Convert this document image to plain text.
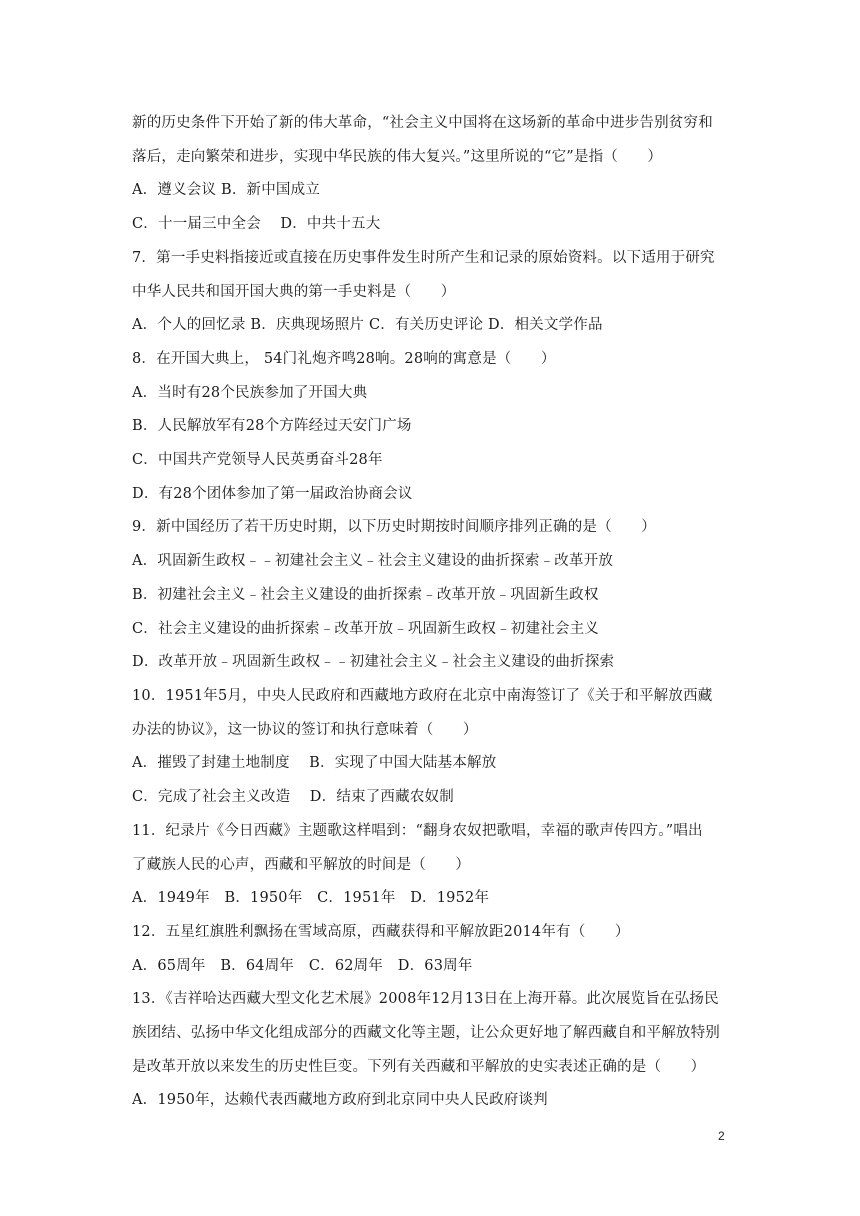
新的历史条件下开始了新的伟大革命，“社会主义中国将在这场新的革命中进步告别贫穷和
落后，走向繁荣和进步，实现中华民族的伟大复兴。”这里所说的“它”是指（　　）
A．遵义会议 B．新中国成立
C．十一届三中全会　 D．中共十五大
7．第一手史料指接近或直接在历史事件发生时所产生和记录的原始资料。以下适用于研究
中华人民共和国开国大典的第一手史料是（　　）
A．个人的回忆录 B．庆典现场照片 C．有关历史评论 D．相关文学作品
8．在开国大典上， 54门礼炮齐鸣28响。28响的寓意是（　　）
A．当时有28个民族参加了开国大典
B．人民解放军有28个方阵经过天安门广场
C．中国共产党领导人民英勇奋斗28年
D．有28个团体参加了第一届政治协商会议
9．新中国经历了若干历史时期，以下历史时期按时间顺序排列正确的是（　　）
A．巩固新生政权﹣﹣初建社会主义﹣社会主义建设的曲折探索﹣改革开放
B．初建社会主义﹣社会主义建设的曲折探索﹣改革开放﹣巩固新生政权
C．社会主义建设的曲折探索﹣改革开放﹣巩固新生政权﹣初建社会主义
D．改革开放﹣巩固新生政权﹣﹣初建社会主义﹣社会主义建设的曲折探索
10．1951年5月，中央人民政府和西藏地方政府在北京中南海签订了《关于和平解放西藏
办法的协议》，这一协议的签订和执行意味着（　　）
A．摧毁了封建土地制度　 B．实现了中国大陆基本解放
C．完成了社会主义改造　 D．结束了西藏农奴制
11．纪录片《今日西藏》主题歌这样唱到：“翻身农奴把歌唱，幸福的歌声传四方。”唱出
了藏族人民的心声，西藏和平解放的时间是（　　）
A．1949年　B．1950年　C．1951年　D．1952年
12．五星红旗胜利飘扬在雪域高原，西藏获得和平解放距2014年有（　　）
A．65周年　B．64周年　C．62周年　D．63周年
13．《吉祥哈达西藏大型文化艺术展》2008年12月13日在上海开幕。此次展览旨在弘扬民
族团结、弘扬中华文化组成部分的西藏文化等主题，让公众更好地了解西藏自和平解放特别
是改革开放以来发生的历史性巨变。下列有关西藏和平解放的史实表述正确的是（　　）
A．1950年，达赖代表西藏地方政府到北京同中央人民政府谈判
2
